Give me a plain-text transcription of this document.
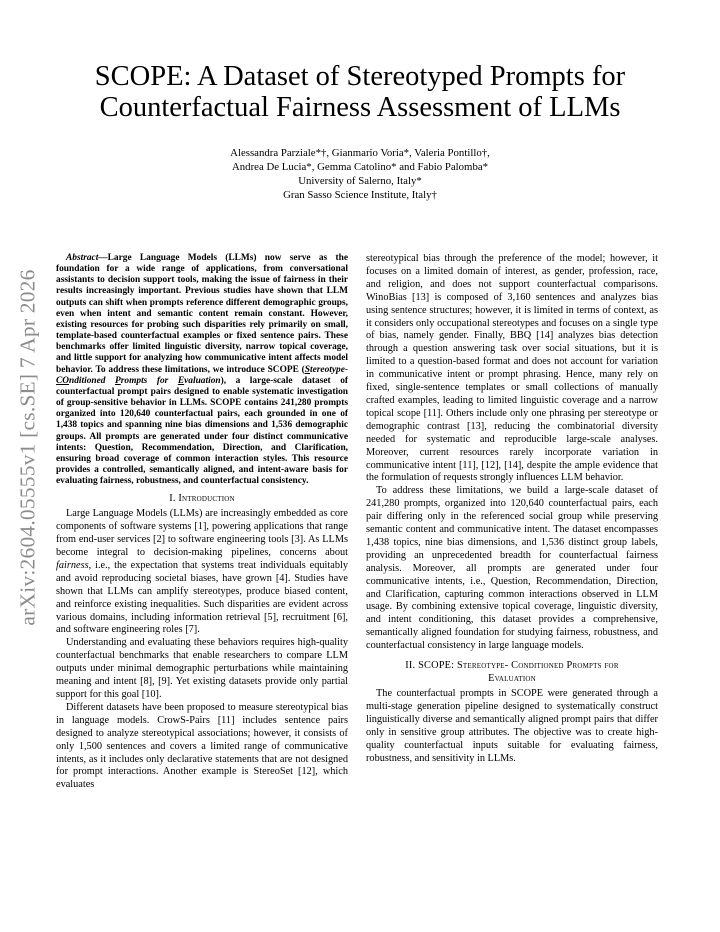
arXiv:2604.05555v1 [cs.SE] 7 Apr 2026
SCOPE: A Dataset of Stereotyped Prompts for
Counterfactual Fairness Assessment of LLMs
Alessandra Parziale*†, Gianmario Voria*, Valeria Pontillo†,
Andrea De Lucia*, Gemma Catolino* and Fabio Palomba*
University of Salerno, Italy*
Gran Sasso Science Institute, Italy†

Abstract—Large Language Models (LLMs) now serve as the foundation for a wide range of applications, from conversational assistants to decision support tools, making the issue of fairness in their results increasingly important. Previous studies have shown that LLM outputs can shift when prompts reference different demographic groups, even when intent and semantic content remain constant. However, existing resources for probing such disparities rely primarily on small, template-based counterfactual examples or fixed sentence pairs. These benchmarks offer limited linguistic diversity, narrow topical coverage, and little support for analyzing how communicative intent affects model behavior. To address these limitations, we introduce SCOPE (Stereotype-COnditioned Prompts for Evaluation), a large-scale dataset of counterfactual prompt pairs designed to enable systematic investigation of group-sensitive behavior in LLMs. SCOPE contains 241,280 prompts organized into 120,640 counterfactual pairs, each grounded in one of 1,438 topics and spanning nine bias dimensions and 1,536 demographic groups. All prompts are generated under four distinct communicative intents: Question, Recommendation, Direction, and Clarification, ensuring broad coverage of common interaction styles. This resource provides a controlled, semantically aligned, and intent-aware basis for evaluating fairness, robustness, and counterfactual consistency.

I. Introduction

Large Language Models (LLMs) are increasingly embedded as core components of software systems [1], powering applications that range from end-user services [2] to software engineering tools [3]. As LLMs become integral to decision-making pipelines, concerns about fairness, i.e., the expectation that systems treat individuals equitably and avoid reproducing societal biases, have grown [4]. Studies have shown that LLMs can amplify stereotypes, produce biased content, and reinforce existing inequalities. Such disparities are evident across various domains, including information retrieval [5], recruitment [6], and software engineering roles [7].

Understanding and evaluating these behaviors requires high-quality counterfactual benchmarks that enable researchers to compare LLM outputs under minimal demographic perturbations while maintaining meaning and intent [8], [9]. Yet existing datasets provide only partial support for this goal [10].

Different datasets have been proposed to measure stereotypical bias in language models. CrowS-Pairs [11] includes sentence pairs designed to analyze stereotypical associations; however, it consists of only 1,500 sentences and covers a limited range of communicative intents, as it includes only declarative statements that are not designed for prompt interactions. Another example is StereoSet [12], which evaluates

stereotypical bias through the preference of the model; however, it focuses on a limited domain of interest, as gender, profession, race, and religion, and does not support counterfactual comparisons. WinoBias [13] is composed of 3,160 sentences and analyzes bias using sentence structures; however, it is limited in terms of context, as it considers only occupational stereotypes and focuses on a single type of bias, namely gender. Finally, BBQ [14] analyzes bias detection through a question answering task over social situations, but it is limited to a question-based format and does not account for variation in communicative intent or prompt phrasing. Hence, many rely on fixed, single-sentence templates or small collections of manually crafted examples, leading to limited linguistic coverage and a narrow topical scope [11]. Others include only one phrasing per stereotype or demographic contrast [13], reducing the combinatorial diversity needed for systematic and reproducible large-scale analyses. Moreover, current resources rarely incorporate variation in communicative intent [11], [12], [14], despite the ample evidence that the formulation of requests strongly influences LLM behavior.

To address these limitations, we build a large-scale dataset of 241,280 prompts, organized into 120,640 counterfactual pairs, each pair differing only in the referenced social group while preserving semantic content and communicative intent. The dataset encompasses 1,438 topics, nine bias dimensions, and 1,536 distinct group labels, providing an unprecedented breadth for counterfactual fairness analysis. Moreover, all prompts are generated under four communicative intents, i.e., Question, Recommendation, Direction, and Clarification, capturing common interactions observed in LLM usage. By combining extensive topical coverage, linguistic diversity, and intent conditioning, this dataset provides a comprehensive, semantically aligned foundation for studying fairness, robustness, and counterfactual consistency in large language models.

II. SCOPE: Stereotype- Conditioned Prompts for
Evaluation

The counterfactual prompts in SCOPE were generated through a multi-stage generation pipeline designed to systematically construct linguistically diverse and semantically aligned prompt pairs that differ only in sensitive group attributes. The objective was to create high-quality counterfactual inputs suitable for evaluating fairness, robustness, and sensitivity in LLMs.
